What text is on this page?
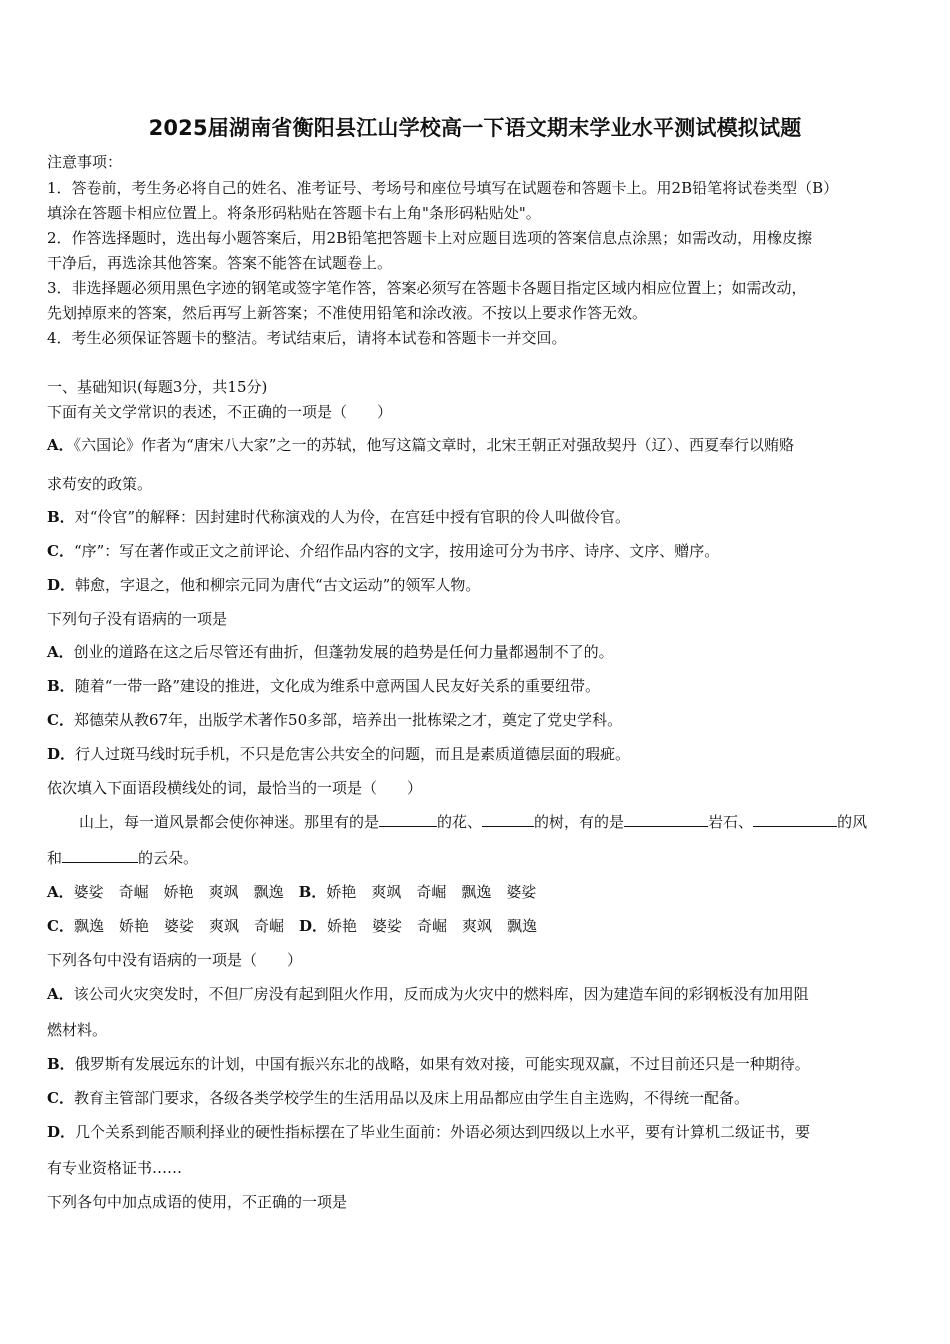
2025届湖南省衡阳县江山学校高一下语文期末学业水平测试模拟试题
注意事项：
1．答卷前，考生务必将自己的姓名、准考证号、考场号和座位号填写在试题卷和答题卡上。用2B铅笔将试卷类型（B）
填涂在答题卡相应位置上。将条形码粘贴在答题卡右上角"条形码粘贴处"。
2．作答选择题时，选出每小题答案后，用2B铅笔把答题卡上对应题目选项的答案信息点涂黑；如需改动，用橡皮擦
干净后，再选涂其他答案。答案不能答在试题卷上。
3．非选择题必须用黑色字迹的钢笔或签字笔作答，答案必须写在答题卡各题目指定区域内相应位置上；如需改动，
先划掉原来的答案，然后再写上新答案；不准使用铅笔和涂改液。不按以上要求作答无效。
4．考生必须保证答题卡的整洁。考试结束后，请将本试卷和答题卡一并交回。
一、基础知识(每题3分，共15分)
下面有关文学常识的表述，不正确的一项是（　　）
A．《六国论》作者为“唐宋八大家”之一的苏轼，他写这篇文章时，北宋王朝正对强敌契丹（辽）、西夏奉行以贿赂
求苟安的政策。
B．对“伶官”的解释：因封建时代称演戏的人为伶，在宫廷中授有官职的伶人叫做伶官。
C．“序”：写在著作或正文之前评论、介绍作品内容的文字，按用途可分为书序、诗序、文序、赠序。
D．韩愈，字退之，他和柳宗元同为唐代“古文运动”的领军人物。
下列句子没有语病的一项是
A．创业的道路在这之后尽管还有曲折，但蓬勃发展的趋势是任何力量都遏制不了的。
B．随着“一带一路”建设的推进，文化成为维系中意两国人民友好关系的重要纽带。
C．郑德荣从教67年，出版学术著作50多部，培养出一批栋梁之才，奠定了党史学科。
D．行人过斑马线时玩手机，不只是危害公共安全的问题，而且是素质道德层面的瑕疵。
依次填入下面语段横线处的词，最恰当的一项是（　　）
山上，每一道风景都会使你神迷。那里有的是	的花、	的树，有的是	岩石、	的风
和	的云朵。
A．婆娑　奇崛　娇艳　爽飒　飘逸　 B．娇艳　爽飒　奇崛　飘逸　婆娑
C．飘逸　娇艳　婆娑　爽飒　奇崛　 D．娇艳　婆娑　奇崛　爽飒　飘逸
下列各句中没有语病的一项是（　　）
A．该公司火灾突发时，不但厂房没有起到阻火作用，反而成为火灾中的燃料库，因为建造车间的彩钢板没有加用阻
燃材料。
B．俄罗斯有发展远东的计划，中国有振兴东北的战略，如果有效对接，可能实现双赢，不过目前还只是一种期待。
C．教育主管部门要求，各级各类学校学生的生活用品以及床上用品都应由学生自主选购，不得统一配备。
D．几个关系到能否顺利择业的硬性指标摆在了毕业生面前：外语必须达到四级以上水平，要有计算机二级证书，要
有专业资格证书……
下列各句中加点成语的使用，不正确的一项是
